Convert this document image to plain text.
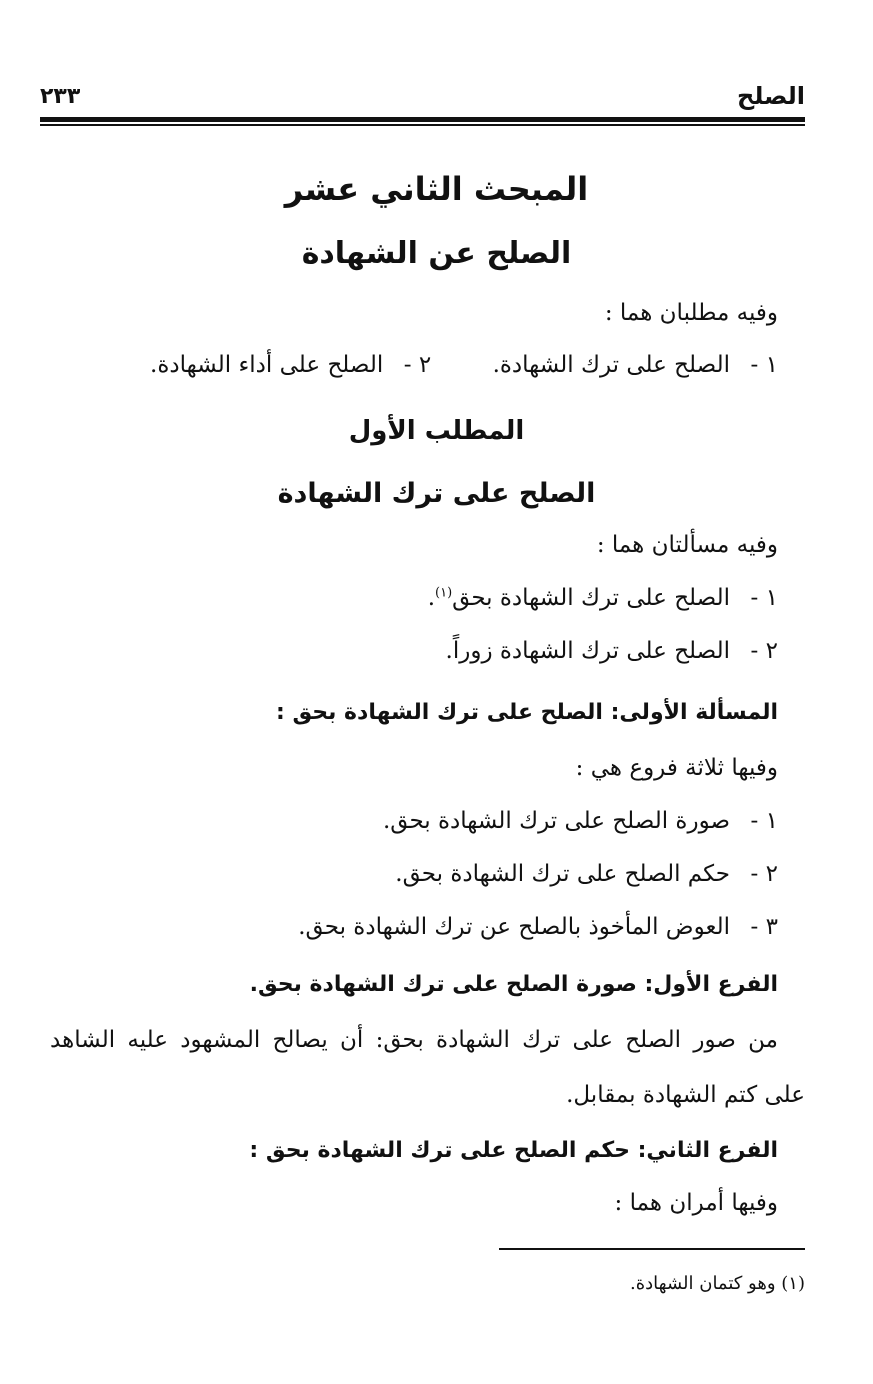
الصلح
٢٣٣
المبحث الثاني عشر
الصلح عن الشهادة
وفيه مطلبان هما :
١ -الصلح على ترك الشهادة. ٢ -الصلح على أداء الشهادة.
المطلب الأول
الصلح على ترك الشهادة
وفيه مسألتان هما :
١ -الصلح على ترك الشهادة بحق$^{(١)}$.
٢ -الصلح على ترك الشهادة زوراً.
المسألة الأولى: الصلح على ترك الشهادة بحق :
وفيها ثلاثة فروع هي :
١ -صورة الصلح على ترك الشهادة بحق.
٢ -حكم الصلح على ترك الشهادة بحق.
٣ -العوض المأخوذ بالصلح عن ترك الشهادة بحق.
الفرع الأول: صورة الصلح على ترك الشهادة بحق.
من صور الصلح على ترك الشهادة بحق: أن يصالح المشهود عليه الشاهد
على كتم الشهادة بمقابل.
الفرع الثاني: حكم الصلح على ترك الشهادة بحق :
وفيها أمران هما :
(١) وهو كتمان الشهادة.
